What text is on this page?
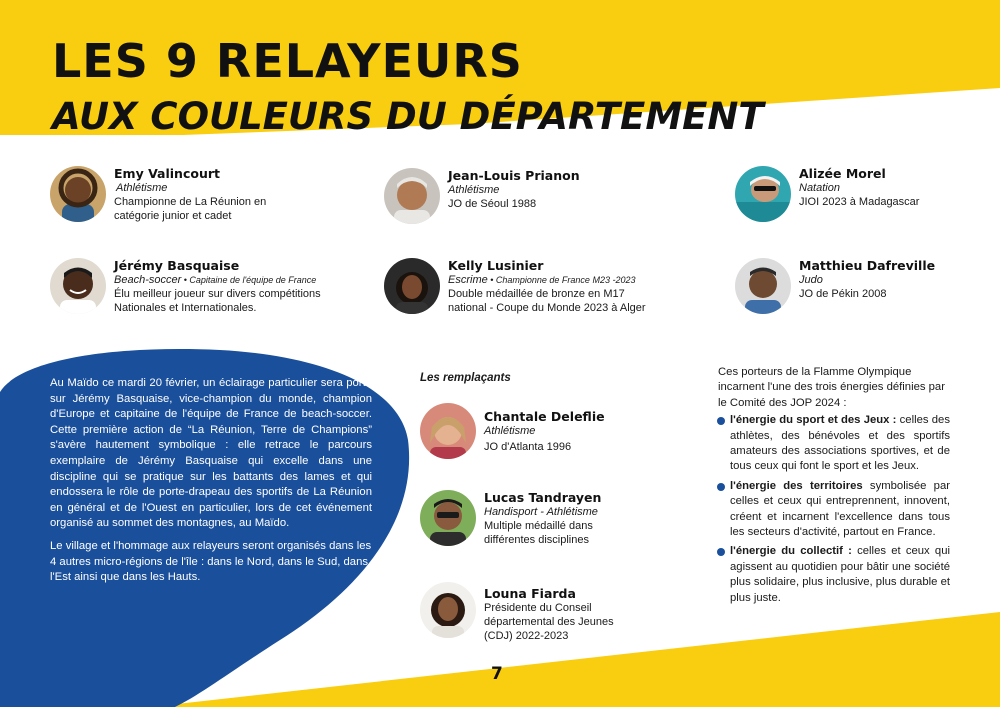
LES 9 RELAYEURS
AUX COULEURS DU DÉPARTEMENT
Emy Valincourt
Athlétisme
Championne de La Réunion en catégorie junior et cadet
Jean-Louis Prianon
Athlétisme
JO de Séoul 1988
Alizée Morel
Natation
JIOI 2023 à Madagascar
Jérémy Basquaise
Beach-soccer • Capitaine de l'équipe de France
Élu meilleur joueur sur divers compétitions Nationales et Internationales.
Kelly Lusinier
Escrime • Championne de France M23 -2023
Double médaillée de bronze en M17 national - Coupe du Monde 2023 à Alger
Matthieu Dafreville
Judo
JO de Pékin 2008

Au Maïdo ce mardi 20 février, un éclairage particulier sera porté sur Jérémy Basquaise, vice-champion du monde, champion d'Europe et capitaine de l'équipe de France de beach-soccer. Cette première action de “La Réunion, Terre de Champions” s'avère hautement symbolique : elle retrace le parcours exemplaire de Jérémy Basquaise qui excelle dans une discipline qui se pratique sur les battants des lames et qui endossera le rôle de porte-drapeau des sportifs de La Réunion en général et de l'Ouest en particulier, lors de cet événement organisé au sommet des montagnes, au Maïdo.

Le village et l'hommage aux relayeurs seront organisés dans les 4 autres micro-régions de l'île : dans le Nord, dans le Sud, dans l'Est ainsi que dans les Hauts.

Les remplaçants
Chantale Deleflie
Athlétisme
JO d'Atlanta 1996
Lucas Tandrayen
Handisport - Athlétisme
Multiple médaillé dans différentes disciplines
Louna Fiarda
Présidente du Conseil départemental des Jeunes (CDJ) 2022-2023

Ces porteurs de la Flamme Olympique incarnent l'une des trois énergies définies par le Comité des JOP 2024 :

l'énergie du sport et des Jeux : celles des athlètes, des bénévoles et des sportifs amateurs des associations sportives, et de tous ceux qui font le sport et les Jeux.
l'énergie des territoires symbolisée par celles et ceux qui entreprennent, innovent, créent et incarnent l'excellence dans tous les secteurs d'activité, partout en France.
l'énergie du collectif : celles et ceux qui agissent au quotidien pour bâtir une société plus solidaire, plus inclusive, plus durable et plus juste.
7
